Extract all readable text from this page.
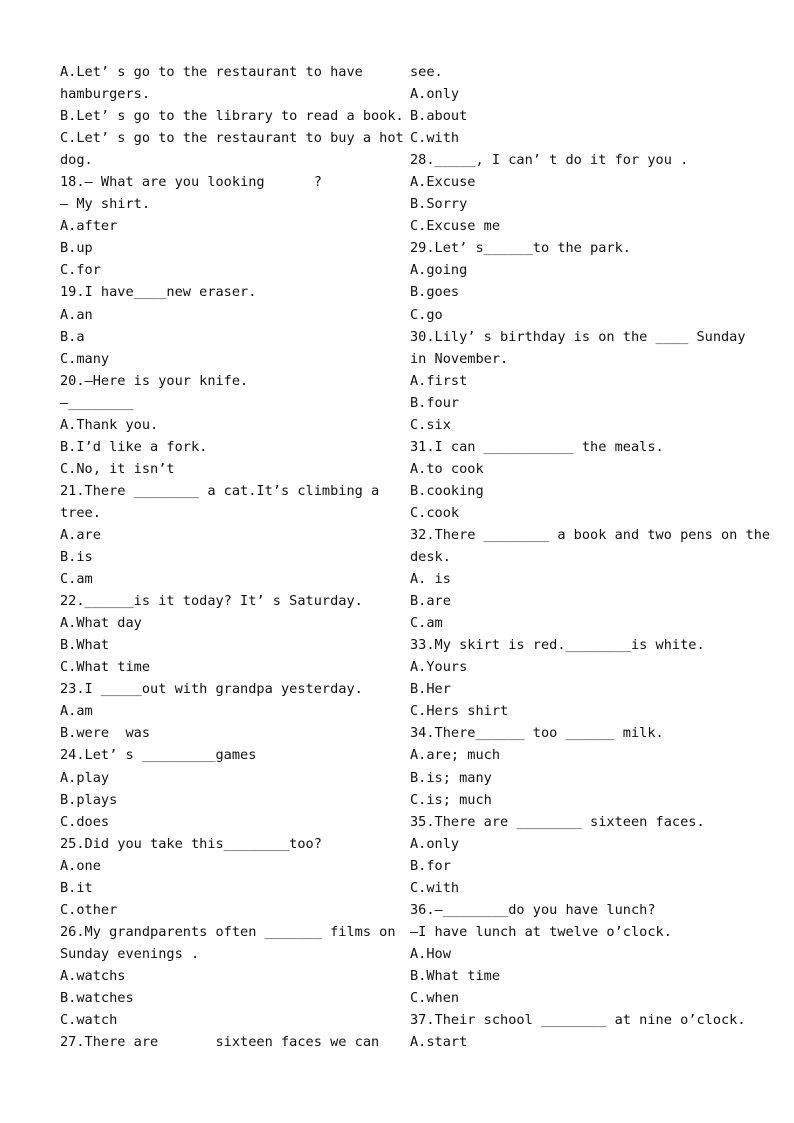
A.Let’ s go to the restaurant to have
hamburgers.
B.Let’ s go to the library to read a book.
C.Let’ s go to the restaurant to buy a hot
dog.
18.— What are you looking      ?
— My shirt.
A.after
B.up
C.for
19.I have____new eraser.
A.an
B.a
C.many
20.—Here is your knife.
—________
A.Thank you.
B.I’d like a fork.
C.No, it isn’t
21.There ________ a cat.It’s climbing a
tree.
A.are
B.is
C.am
22.______is it today? It’ s Saturday.
A.What day
B.What
C.What time
23.I _____out with grandpa yesterday.
A.am
B.were  was
24.Let’ s _________games
A.play
B.plays
C.does
25.Did you take this________too?
A.one
B.it
C.other
26.My grandparents often _______ films on
Sunday evenings .
A.watchs
B.watches
C.watch
27.There are       sixteen faces we can
see.
A.only
B.about
C.with
28._____, I can’ t do it for you .
A.Excuse
B.Sorry
C.Excuse me
29.Let’ s______to the park.
A.going
B.goes
C.go
30.Lily’ s birthday is on the ____ Sunday
in November.
A.first
B.four
C.six
31.I can ___________ the meals.
A.to cook
B.cooking
C.cook
32.There ________ a book and two pens on the
desk.
A. is
B.are
C.am
33.My skirt is red.________is white.
A.Yours
B.Her
C.Hers shirt
34.There______ too ______ milk.
A.are; much
B.is; many
C.is; much
35.There are ________ sixteen faces.
A.only
B.for
C.with
36.—________do you have lunch?
—I have lunch at twelve o’clock.
A.How
B.What time
C.when
37.Their school ________ at nine o’clock.
A.start
